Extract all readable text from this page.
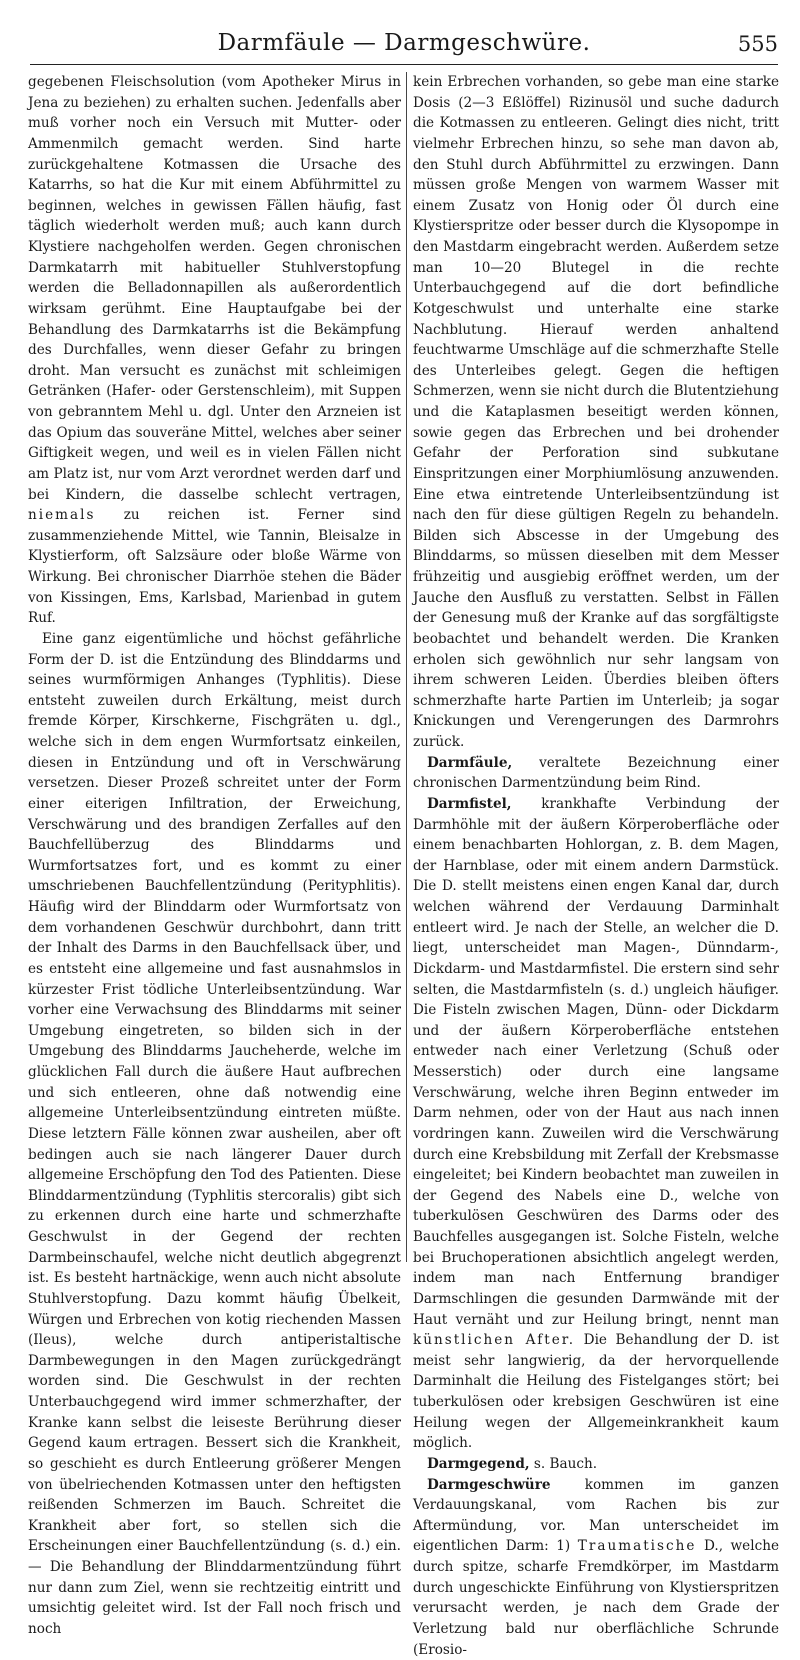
Darmfäule — Darmgeschwüre.	555

gegebenen Fleischsolution (vom Apotheker Mirus in Jena zu beziehen) zu erhalten suchen. Jedenfalls aber muß vorher noch ein Versuch mit Mutter- oder Ammenmilch gemacht werden. Sind harte zurückgehaltene Kotmassen die Ursache des Katarrhs, so hat die Kur mit einem Abführmittel zu beginnen, welches in gewissen Fällen häufig, fast täglich wiederholt werden muß; auch kann durch Klystiere nachgeholfen werden. Gegen chronischen Darmkatarrh mit habitueller Stuhlverstopfung werden die Belladonnapillen als außerordentlich wirksam gerühmt. Eine Hauptaufgabe bei der Behandlung des Darmkatarrhs ist die Bekämpfung des Durchfalles, wenn dieser Gefahr zu bringen droht. Man versucht es zunächst mit schleimigen Getränken (Hafer- oder Gerstenschleim), mit Suppen von gebranntem Mehl u. dgl. Unter den Arzneien ist das Opium das souveräne Mittel, welches aber seiner Giftigkeit wegen, und weil es in vielen Fällen nicht am Platz ist, nur vom Arzt verordnet werden darf und bei Kindern, die dasselbe schlecht vertragen, niemals zu reichen ist. Ferner sind zusammenziehende Mittel, wie Tannin, Bleisalze in Klystierform, oft Salzsäure oder bloße Wärme von Wirkung. Bei chronischer Diarrhöe stehen die Bäder von Kissingen, Ems, Karlsbad, Marienbad in gutem Ruf.

Eine ganz eigentümliche und höchst gefährliche Form der D. ist die Entzündung des Blinddarms und seines wurmförmigen Anhanges (Typhlitis). Diese entsteht zuweilen durch Erkältung, meist durch fremde Körper, Kirschkerne, Fischgräten u. dgl., welche sich in dem engen Wurmfortsatz einkeilen, diesen in Entzündung und oft in Verschwärung versetzen. Dieser Prozeß schreitet unter der Form einer eiterigen Infiltration, der Erweichung, Verschwärung und des brandigen Zerfalles auf den Bauchfellüberzug des Blinddarms und Wurmfortsatzes fort, und es kommt zu einer umschriebenen Bauchfellentzündung (Perityphlitis). Häufig wird der Blinddarm oder Wurmfortsatz von dem vorhandenen Geschwür durchbohrt, dann tritt der Inhalt des Darms in den Bauchfellsack über, und es entsteht eine allgemeine und fast ausnahmslos in kürzester Frist tödliche Unterleibsentzündung. War vorher eine Verwachsung des Blinddarms mit seiner Umgebung eingetreten, so bilden sich in der Umgebung des Blinddarms Jaucheherde, welche im glücklichen Fall durch die äußere Haut aufbrechen und sich entleeren, ohne daß notwendig eine allgemeine Unterleibsentzündung eintreten müßte. Diese letztern Fälle können zwar ausheilen, aber oft bedingen auch sie nach längerer Dauer durch allgemeine Erschöpfung den Tod des Patienten. Diese Blinddarmentzündung (Typhlitis stercoralis) gibt sich zu erkennen durch eine harte und schmerzhafte Geschwulst in der Gegend der rechten Darmbeinschaufel, welche nicht deutlich abgegrenzt ist. Es besteht hartnäckige, wenn auch nicht absolute Stuhlverstopfung. Dazu kommt häufig Übelkeit, Würgen und Erbrechen von kotig riechenden Massen (Ileus), welche durch antiperistaltische Darmbewegungen in den Magen zurückgedrängt worden sind. Die Geschwulst in der rechten Unterbauchgegend wird immer schmerzhafter, der Kranke kann selbst die leiseste Berührung dieser Gegend kaum ertragen. Bessert sich die Krankheit, so geschieht es durch Entleerung größerer Mengen von übelriechenden Kotmassen unter den heftigsten reißenden Schmerzen im Bauch. Schreitet die Krankheit aber fort, so stellen sich die Erscheinungen einer Bauchfellentzündung (s. d.) ein. — Die Behandlung der Blinddarmentzündung führt nur dann zum Ziel, wenn sie rechtzeitig eintritt und umsichtig geleitet wird. Ist der Fall noch frisch und noch

kein Erbrechen vorhanden, so gebe man eine starke Dosis (2—3 Eßlöffel) Rizinusöl und suche dadurch die Kotmassen zu entleeren. Gelingt dies nicht, tritt vielmehr Erbrechen hinzu, so sehe man davon ab, den Stuhl durch Abführmittel zu erzwingen. Dann müssen große Mengen von warmem Wasser mit einem Zusatz von Honig oder Öl durch eine Klystierspritze oder besser durch die Klysopompe in den Mastdarm eingebracht werden. Außerdem setze man 10—20 Blutegel in die rechte Unterbauchgegend auf die dort befindliche Kotgeschwulst und unterhalte eine starke Nachblutung. Hierauf werden anhaltend feuchtwarme Umschläge auf die schmerzhafte Stelle des Unterleibes gelegt. Gegen die heftigen Schmerzen, wenn sie nicht durch die Blutentziehung und die Kataplasmen beseitigt werden können, sowie gegen das Erbrechen und bei drohender Gefahr der Perforation sind subkutane Einspritzungen einer Morphiumlösung anzuwenden. Eine etwa eintretende Unterleibsentzündung ist nach den für diese gültigen Regeln zu behandeln. Bilden sich Abscesse in der Umgebung des Blinddarms, so müssen dieselben mit dem Messer frühzeitig und ausgiebig eröffnet werden, um der Jauche den Ausfluß zu verstatten. Selbst in Fällen der Genesung muß der Kranke auf das sorgfältigste beobachtet und behandelt werden. Die Kranken erholen sich gewöhnlich nur sehr langsam von ihrem schweren Leiden. Überdies bleiben öfters schmerzhafte harte Partien im Unterleib; ja sogar Knickungen und Verengerungen des Darmrohrs zurück.

Darmfäule, veraltete Bezeichnung einer chronischen Darmentzündung beim Rind.

Darmfistel, krankhafte Verbindung der Darmhöhle mit der äußern Körperoberfläche oder einem benachbarten Hohlorgan, z. B. dem Magen, der Harnblase, oder mit einem andern Darmstück. Die D. stellt meistens einen engen Kanal dar, durch welchen während der Verdauung Darminhalt entleert wird. Je nach der Stelle, an welcher die D. liegt, unterscheidet man Magen-, Dünndarm-, Dickdarm- und Mastdarmfistel. Die erstern sind sehr selten, die Mastdarmfisteln (s. d.) ungleich häufiger. Die Fisteln zwischen Magen, Dünn- oder Dickdarm und der äußern Körperoberfläche entstehen entweder nach einer Verletzung (Schuß oder Messerstich) oder durch eine langsame Verschwärung, welche ihren Beginn entweder im Darm nehmen, oder von der Haut aus nach innen vordringen kann. Zuweilen wird die Verschwärung durch eine Krebsbildung mit Zerfall der Krebsmasse eingeleitet; bei Kindern beobachtet man zuweilen in der Gegend des Nabels eine D., welche von tuberkulösen Geschwüren des Darms oder des Bauchfelles ausgegangen ist. Solche Fisteln, welche bei Bruchoperationen absichtlich angelegt werden, indem man nach Entfernung brandiger Darmschlingen die gesunden Darmwände mit der Haut vernäht und zur Heilung bringt, nennt man künstlichen After. Die Behandlung der D. ist meist sehr langwierig, da der hervorquellende Darminhalt die Heilung des Fistelganges stört; bei tuberkulösen oder krebsigen Geschwüren ist eine Heilung wegen der Allgemeinkrankheit kaum möglich.

Darmgegend, s. Bauch.

Darmgeschwüre	kommen im ganzen Verdauungskanal, vom Rachen bis zur Aftermündung, vor. Man unterscheidet im eigentlichen Darm: 1) Traumatische D., welche durch spitze, scharfe Fremdkörper, im Mastdarm durch ungeschickte Einführung von Klystierspritzen verursacht werden, je nach dem Grade der Verletzung bald nur oberflächliche Schrunde (Erosio-
